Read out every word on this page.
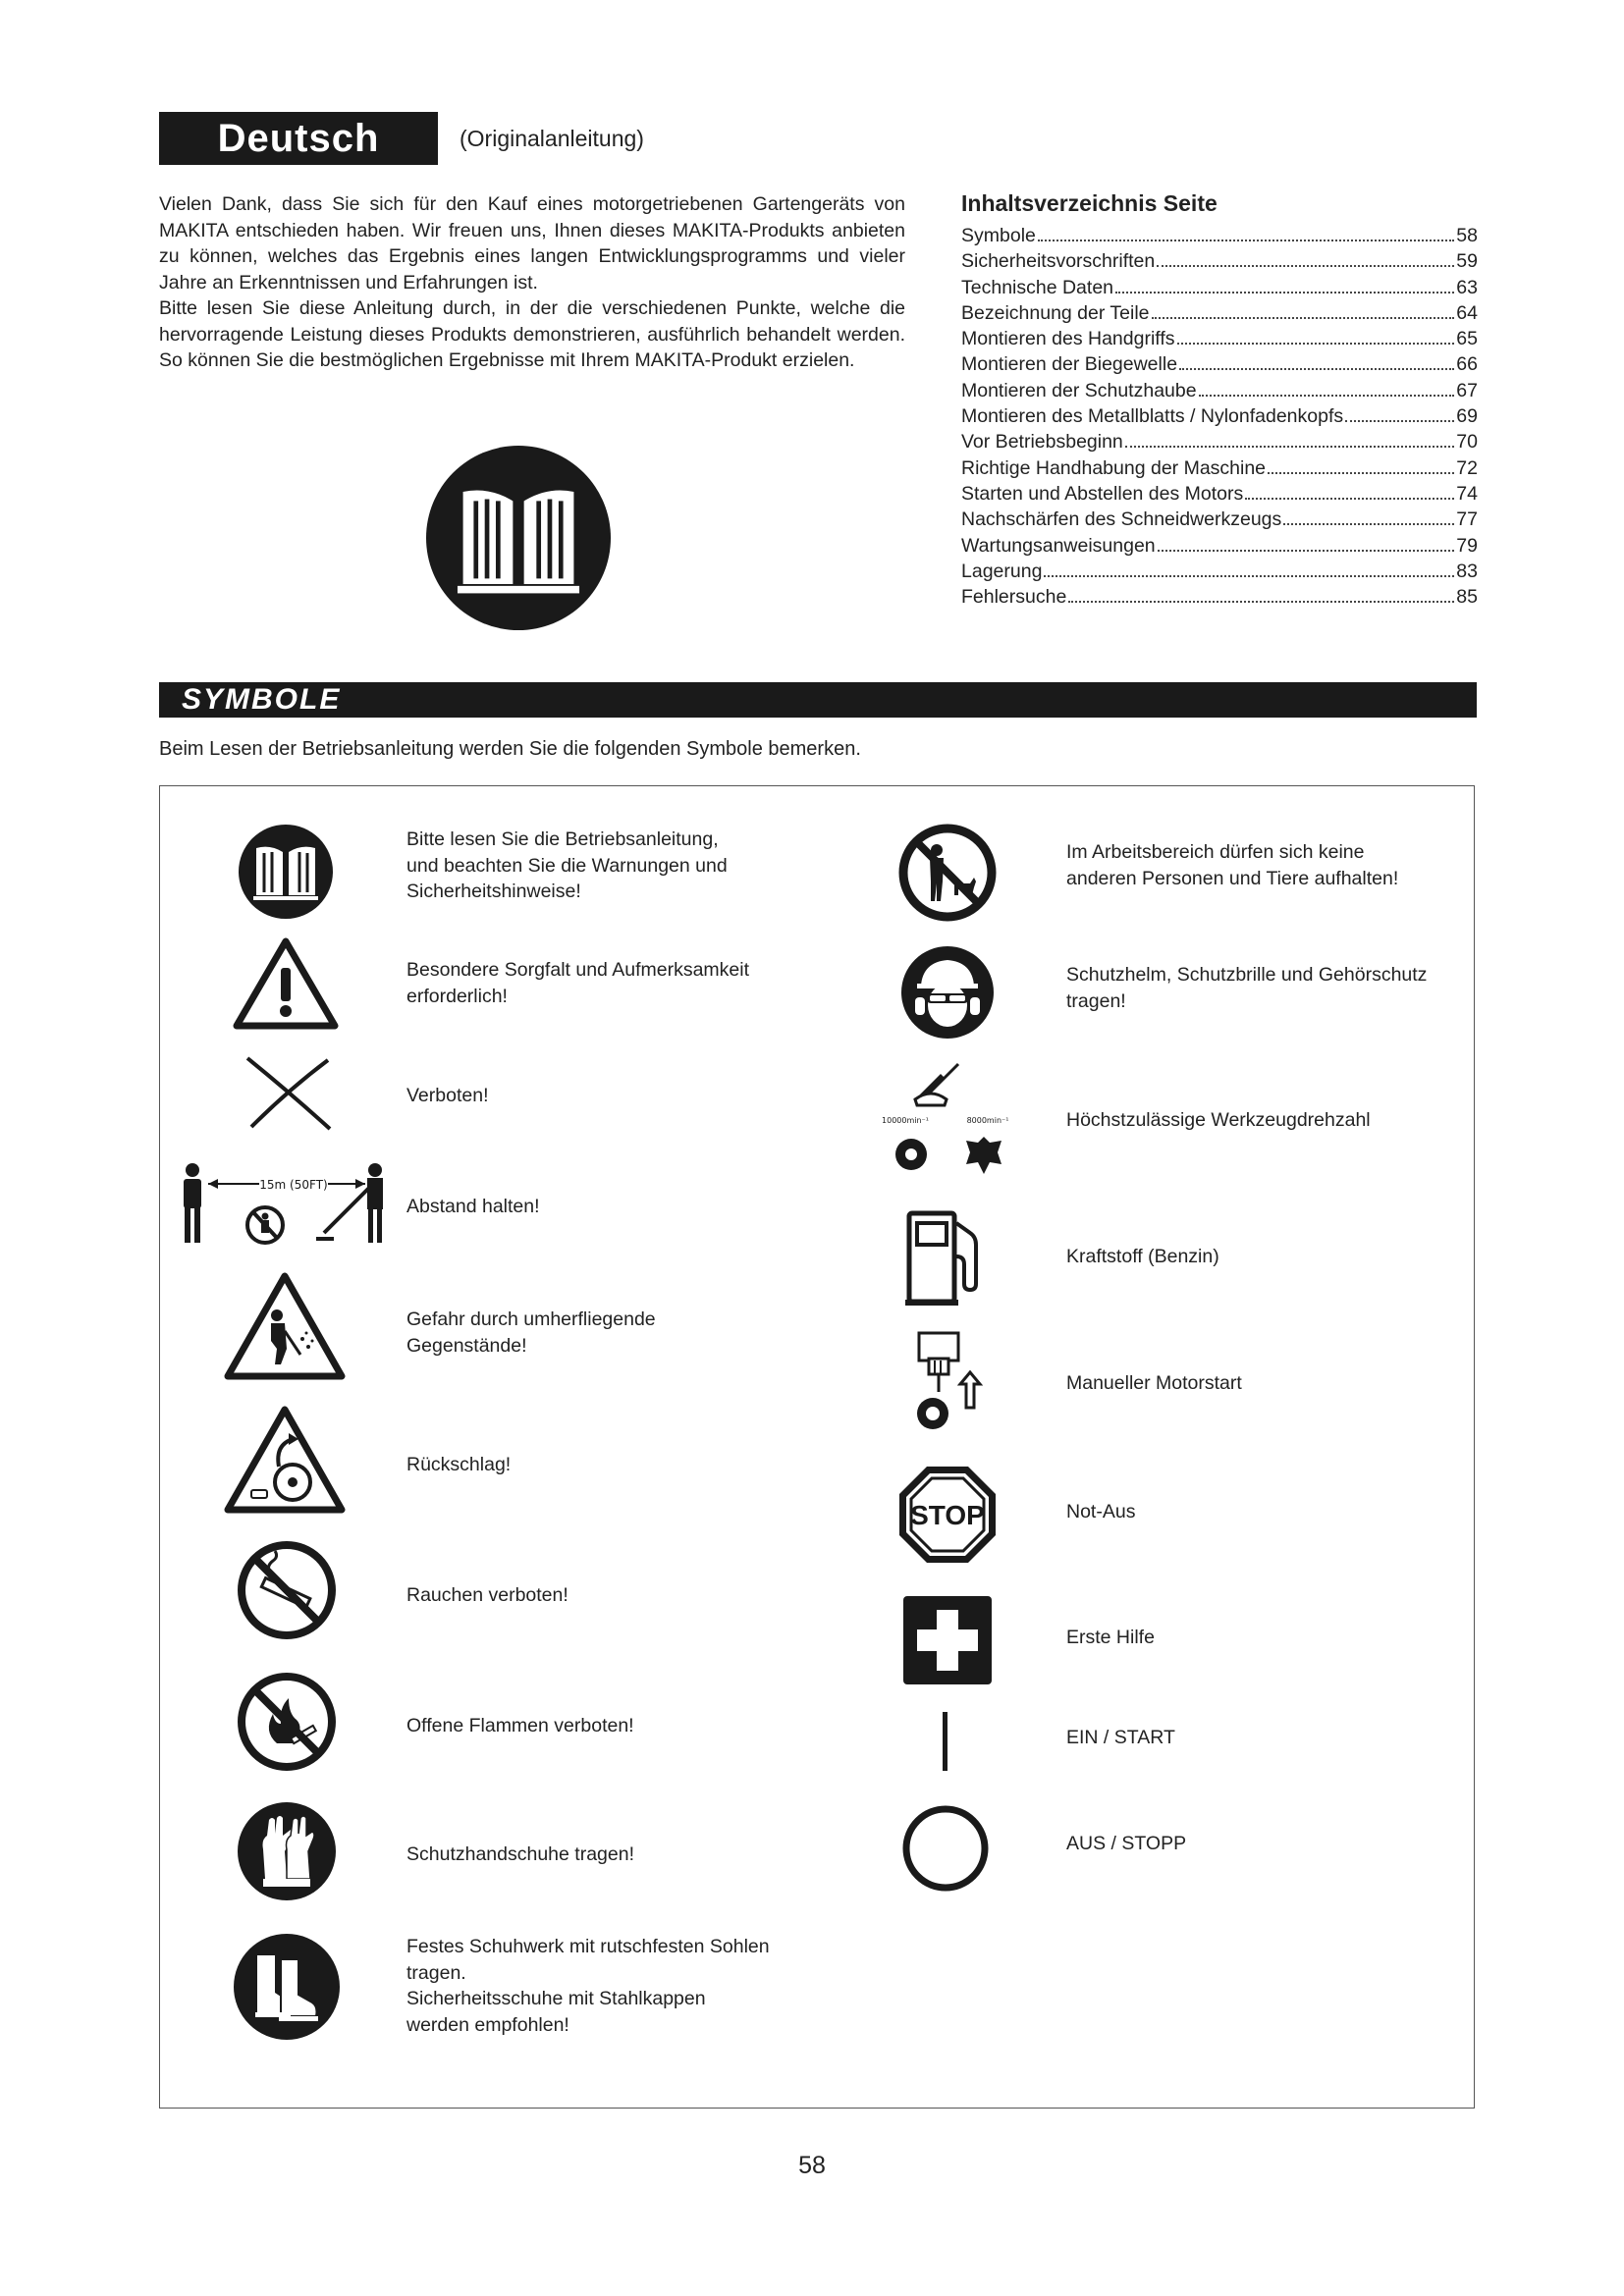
Deutsch	(Originalanleitung)

Vielen Dank, dass Sie sich für den Kauf eines motorgetriebenen Gartengeräts von MAKITA entschieden haben. Wir freuen uns, Ihnen dieses MAKITA-Produkts anbieten zu können, welches das Ergebnis eines langen Entwicklungsprogramms und vieler Jahre an Erkenntnissen und Erfahrungen ist.

Bitte lesen Sie diese Anleitung durch, in der die verschiedenen Punkte, welche die hervorragende Leistung dieses Produkts demonstrieren, ausführlich behandelt werden. So können Sie die bestmöglichen Ergebnisse mit Ihrem MAKITA-Produkt erzielen.

Inhaltsverzeichnis Seite
Symbole	58
Sicherheitsvorschriften	59
Technische Daten	63
Bezeichnung der Teile	64
Montieren des Handgriffs	65
Montieren der Biegewelle	66
Montieren der Schutzhaube	67
Montieren des Metallblatts / Nylonfadenkopfs	69
Vor Betriebsbeginn	70
Richtige Handhabung der Maschine	72
Starten und Abstellen des Motors	74
Nachschärfen des Schneidwerkzeugs	77
Wartungsanweisungen	79
Lagerung	83
Fehlersuche	85
SYMBOLE
Beim Lesen der Betriebsanleitung werden Sie die folgenden Symbole bemerken.
15m (50FT)
Bitte lesen Sie die Betriebsanleitung,
und beachten Sie die Warnungen und
Sicherheitshinweise!
Besondere Sorgfalt und Aufmerksamkeit
erforderlich!
Verboten!
Abstand halten!
Gefahr durch umherfliegende
Gegenstände!
Rückschlag!
Rauchen verboten!
Offene Flammen verboten!
Schutzhandschuhe tragen!
Festes Schuhwerk mit rutschfesten Sohlen
tragen.
Sicherheitsschuhe mit Stahlkappen
werden empfohlen!
10000min⁻¹	8000min⁻¹
STOP
Im Arbeitsbereich dürfen sich keine
anderen Personen und Tiere aufhalten!
Schutzhelm, Schutzbrille und Gehörschutz
tragen!
Höchstzulässige Werkzeugdrehzahl
Kraftstoff (Benzin)
Manueller Motorstart
Not-Aus
Erste Hilfe
EIN / START
AUS / STOPP
58
